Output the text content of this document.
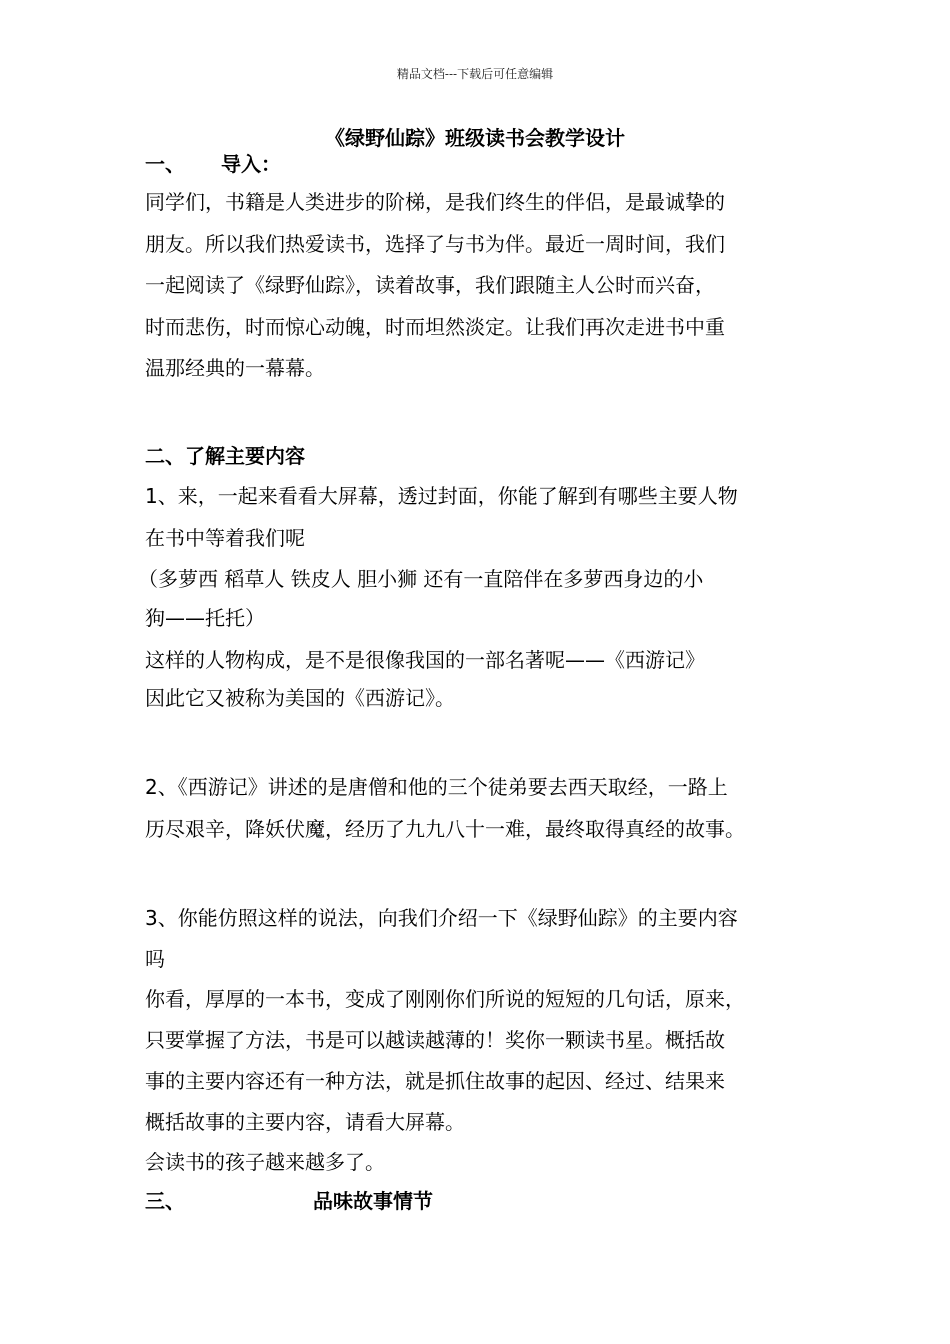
精品文档---下载后可任意编辑
《绿野仙踪》班级读书会教学设计
一、 导入：
同学们，书籍是人类进步的阶梯，是我们终生的伴侣，是最诚挚的
朋友。所以我们热爱读书，选择了与书为伴。最近一周时间，我们
一起阅读了《绿野仙踪》，读着故事，我们跟随主人公时而兴奋，
时而悲伤，时而惊心动魄，时而坦然淡定。让我们再次走进书中重
温那经典的一幕幕。
二、了解主要内容
1、来，一起来看看大屏幕，透过封面，你能了解到有哪些主要人物
在书中等着我们呢
（多萝西 稻草人 铁皮人 胆小狮 还有一直陪伴在多萝西身边的小
狗——托托）
这样的人物构成，是不是很像我国的一部名著呢——《西游记》
因此它又被称为美国的《西游记》。
2、《西游记》讲述的是唐僧和他的三个徒弟要去西天取经，一路上
历尽艰辛，降妖伏魔，经历了九九八十一难，最终取得真经的故事。
3、你能仿照这样的说法，向我们介绍一下《绿野仙踪》的主要内容
吗
你看，厚厚的一本书，变成了刚刚你们所说的短短的几句话，原来，
只要掌握了方法，书是可以越读越薄的！奖你一颗读书星。概括故
事的主要内容还有一种方法，就是抓住故事的起因、经过、结果来
概括故事的主要内容，请看大屏幕。
会读书的孩子越来越多了。
三、	品味故事情节
